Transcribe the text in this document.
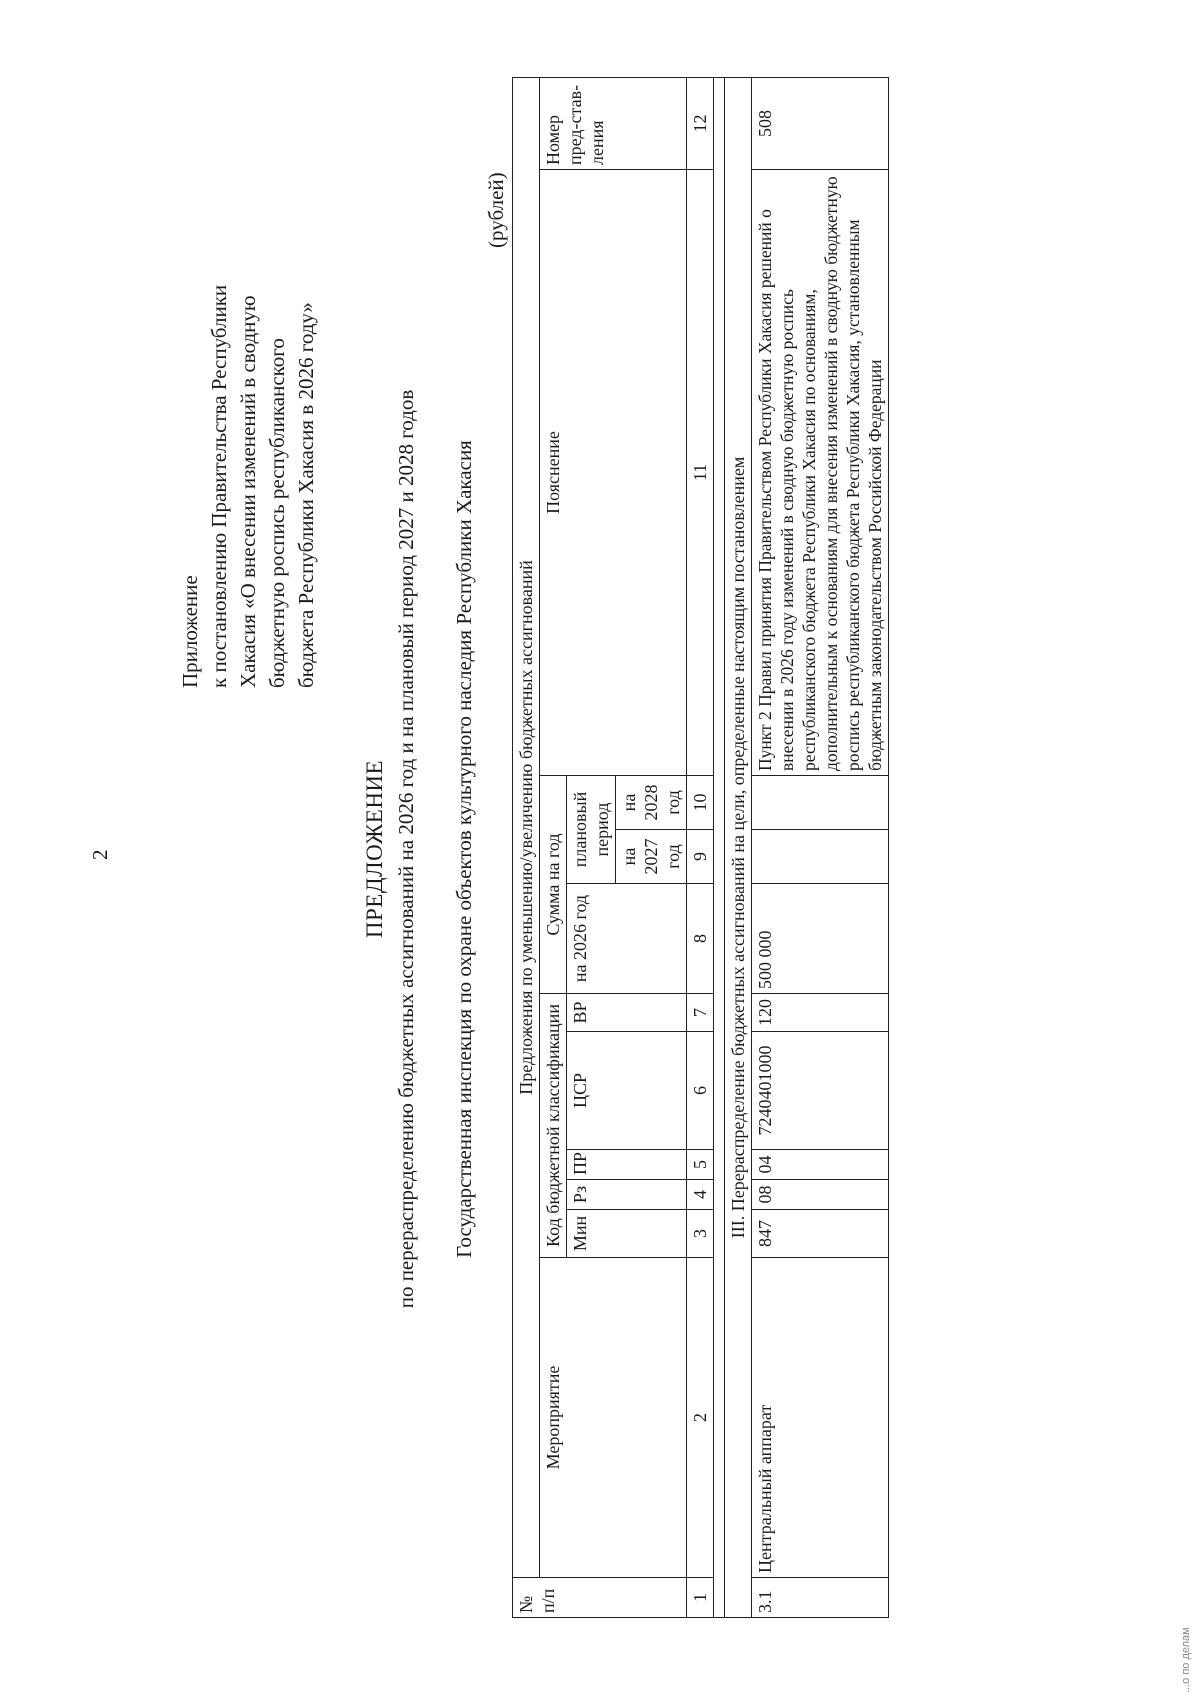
2
Приложение к постановлению Правительства Республики Хакасия «О внесении изменений в сводную бюджетную роспись республиканского бюджета Республики Хакасия в 2026 году»
ПРЕДЛОЖЕНИЕ по перераспределению бюджетных ассигнований на 2026 год и на плановый период 2027 и 2028 годов Государственная инспекция по охране объектов культурного наследия Республики Хакасия
(рублей)
№ п/п	Предложения по уменьшению/увеличению бюджетных ассигнований										
	Мероприятие	Код бюджетной классификации					Сумма на год			Пояснение	Номер пред-став-ления
		Мин	Рз	ПР	ЦСР	ВР	на 2026 год	плановый период			
								на 2027 год	на 2028 год		

1	2	3	4	5	6	7	8	9	10	11	12

III. Перераспределение бюджетных ассигнований на цели, определенные настоящим постановлением											
3.1	Центральный аппарат	847	08	04	7240401000	120	500 000			Пункт 2 Правил принятия Правительством Республики Хакасия решений о внесении в 2026 году изменений в сводную бюджетную роспись республиканского бюджета Республики Хакасия по основаниям, дополнительным к основаниям для внесения изменений в сводную бюджетную роспись республиканского бюджета Республики Хакасия, установленным бюджетным законодательством Российской Федерации	508
...о по делам
